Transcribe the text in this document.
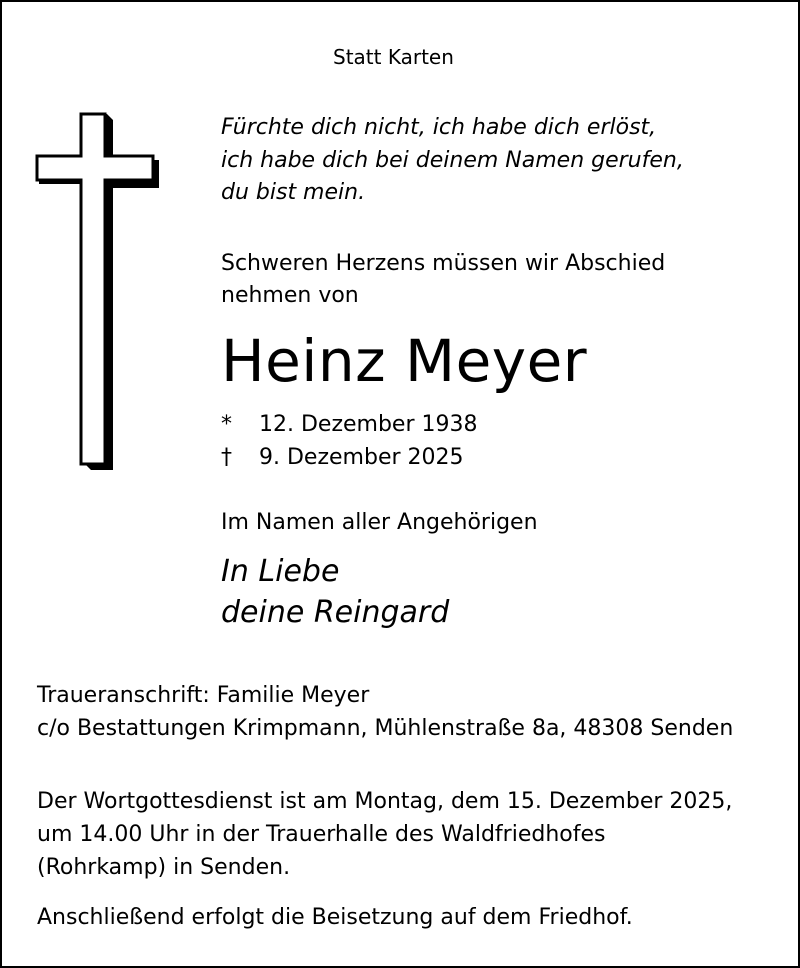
Statt Karten
Fürchte dich nicht, ich habe dich erlöst,
ich habe dich bei deinem Namen gerufen,
du bist mein.
Schweren Herzens müssen wir Abschied
nehmen von
Heinz Meyer
* 12. Dezember 1938
† 9. Dezember 2025
Im Namen aller Angehörigen
In Liebe
deine Reingard
Traueranschrift: Familie Meyer
c/o Bestattungen Krimpmann, Mühlenstraße 8a, 48308 Senden
Der Wortgottesdienst ist am Montag, dem 15. Dezember 2025,
um 14.00 Uhr in der Trauerhalle des Waldfriedhofes
(Rohrkamp) in Senden.
Anschließend erfolgt die Beisetzung auf dem Friedhof.
